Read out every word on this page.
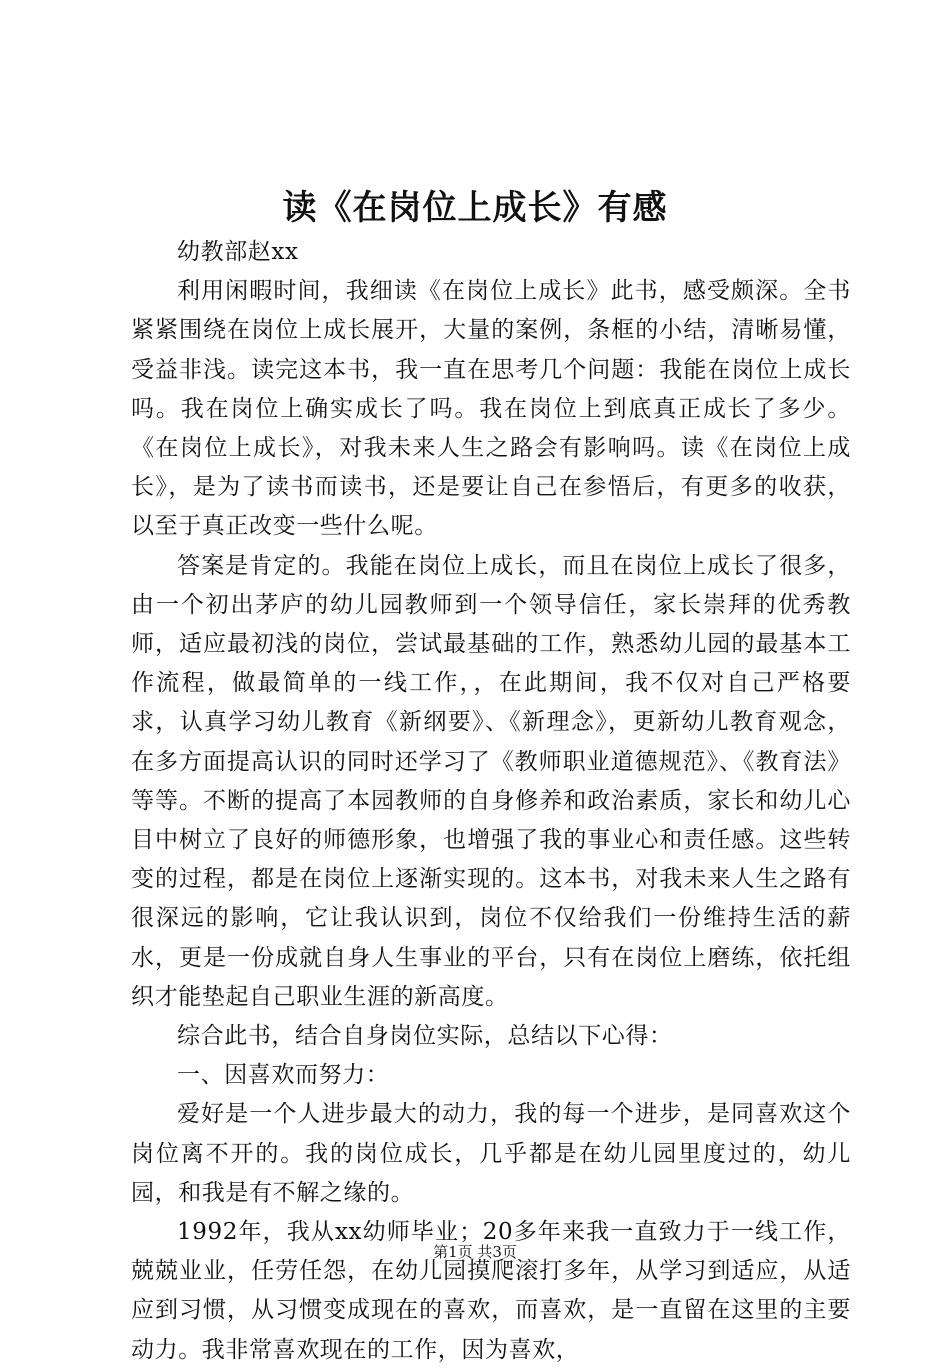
读《在岗位上成长》有感

幼教部赵xx

利用闲暇时间，我细读《在岗位上成长》此书，感受颇深。全书紧紧围绕在岗位上成长展开，大量的案例，条框的小结，清晰易懂，受益非浅。读完这本书，我一直在思考几个问题：我能在岗位上成长吗。我在岗位上确实成长了吗。我在岗位上到底真正成长了多少。《在岗位上成长》，对我未来人生之路会有影响吗。读《在岗位上成长》，是为了读书而读书，还是要让自己在参悟后，有更多的收获，以至于真正改变一些什么呢。

答案是肯定的。我能在岗位上成长，而且在岗位上成长了很多，由一个初出茅庐的幼儿园教师到一个领导信任，家长崇拜的优秀教师，适应最初浅的岗位，尝试最基础的工作，熟悉幼儿园的最基本工作流程，做最简单的一线工作，，在此期间，我不仅对自己严格要求，认真学习幼儿教育《新纲要》、《新理念》，更新幼儿教育观念，在多方面提高认识的同时还学习了《教师职业道德规范》、《教育法》等等。不断的提高了本园教师的自身修养和政治素质，家长和幼儿心目中树立了良好的师德形象，也增强了我的事业心和责任感。这些转变的过程，都是在岗位上逐渐实现的。这本书，对我未来人生之路有很深远的影响，它让我认识到，岗位不仅给我们一份维持生活的薪水，更是一份成就自身人生事业的平台，只有在岗位上磨练，依托组织才能垫起自己职业生涯的新高度。

综合此书，结合自身岗位实际，总结以下心得：

一、因喜欢而努力：

爱好是一个人进步最大的动力，我的每一个进步，是同喜欢这个岗位离不开的。我的岗位成长，几乎都是在幼儿园里度过的，幼儿园，和我是有不解之缘的。

1992年，我从xx幼师毕业；20多年来我一直致力于一线工作，兢兢业业，任劳任怨，在幼儿园摸爬滚打多年，从学习到适应，从适应到习惯，从习惯变成现在的喜欢，而喜欢，是一直留在这里的主要动力。我非常喜欢现在的工作，因为喜欢，

第1页 共3页
